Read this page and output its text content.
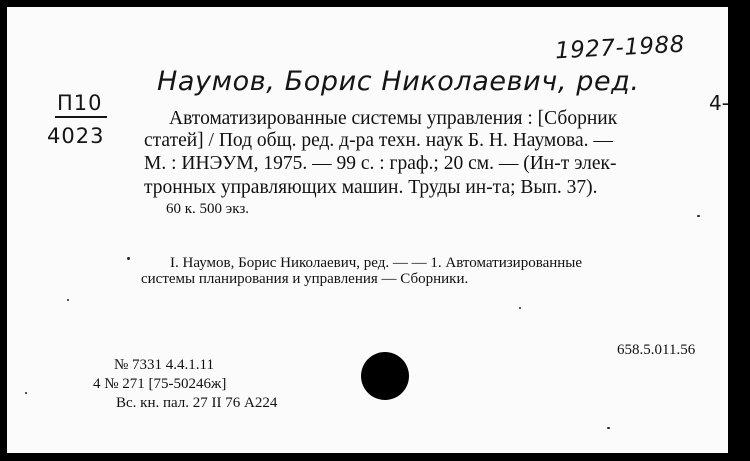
1927-1988
Наумов, Борис Николаевич, ред.
4-
П10
4023
Автоматизированные системы управления : [Сборник
статей] / Под общ. ред. д-ра техн. наук Б. Н. Наумова. —
М. : ИНЭУМ, 1975. — 99 с. : граф.; 20 см. — (Ин-т элек-
тронных управляющих машин. Труды ин-та; Вып. 37).
60 к. 500 экз.
I. Наумов, Борис Николаевич, ред. — — 1. Автоматизированные
системы планирования и управления — Сборники.
658.5.011.56
№ 7331 4.4.1.11
4 № 271 [75-50246ж]
Вс. кн. пал. 27 II 76 А224
